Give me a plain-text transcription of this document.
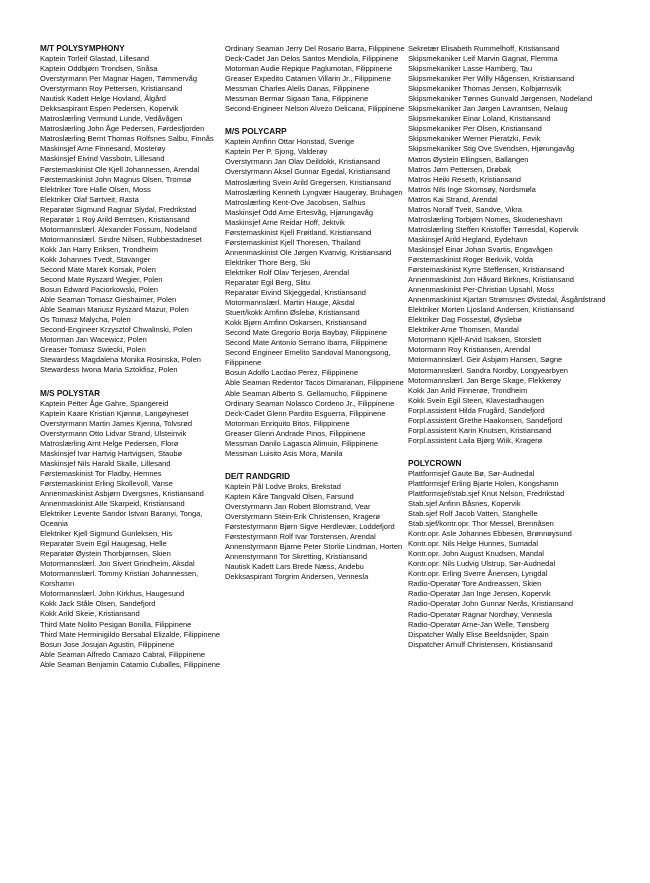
M/T POLYSYMPHONY
Kaptein Torleif Glastad, Lillesand
Kaptein Oddbjørn Trondsen, Snåsa
Overstyrmann Per Magnar Hagen, Tømmervåg
Overstyrmann Roy Pettersen, Kristiansand
Nautisk Kadett Helge Hovland, Ålgård
Dekksaspirant Espen Pedersen, Kopervik
Matroslærling Vermund Lunde, Vedåvågen
Matroslærling John Åge Pedersen, Førdesfjorden
Matroslærling Bernt Thomas Rolfsnes Salbu, Finnås
Maskinsjef Arne Finnesand, Mosterøy
Maskinsjef Eivind Vassbotn, Lillesand
Førstemaskinist Ole Kjell Johannessen, Arendal
Førstemaskinist John Magnus Olsen, Tromsø
Elektriker Tore Halle Olsen, Moss
Elektriker Olaf Sørtveit, Rasta
Reparatør Sigmund Ragnar Slydal, Fredrikstad
Reparatør 1 Roy Arild Berntsen, Kristiansand
Motormannslærl. Alexander Fossum, Nodeland
Motormannslærl. Sindre Nilsen, Rubbestadneset
Kokk Jan Harry Eriksen, Trondheim
Kokk Johannes Tvedt, Stavanger
Second Mate Marek Korsak, Polen
Second Mate Ryszard Wegier, Polen
Bosun Edward Paciorkowski, Polen
Able Seaman Tomasz Gieshaimer, Polen
Able Seaman Mariusz Ryszard Mazur, Polen
Os Tomasz Malycha, Polen
Second-Engineer Krzysztof Chwalinski, Polen
Motorman Jan Wacewicz, Polen
Greaser Tomasz Swiecki, Polen
Stewardess Magdalena Monika Rosinska, Polen
Stewardess Iwona Maria Sztokfisz, Polen
M/S POLYSTAR
Kaptein Petter Åge Gahre, Spangereid
Kaptein Kaare Kristian Kjønnø, Langøyneset
Overstyrmann Martin James Kjenna, Tolvsrød
Overstyrmann Otto Lidvar Strand, Ulsteinvik
Matroslærling Arnt Helge Pedersen, Florø
Maskinsjef Ivar Hartvig Hartvigsen, Staubø
Maskinsjef Nils Harald Skalle, Lillesand
Førstemaskinist Tor Fladby, Hemnes
Førstemaskinist Erling Skollevoll, Vanse
Annenmaskinist Asbjørn Dvergsnes, Kristiansand
Annenmaskinist Atle Skarpeid, Kristiansand
Elektriker Levente Sandor Istvan Baranyi, Tonga, Oceania
Elektriker Kjell Sigmund Gunleksen, His
Reparatør Svein Egil Haugesag, Helle
Reparatør Øystein Thorbjørnsen, Skien
Motormannslærl. Jon Sivert Grindheim, Aksdal
Motormannslærl. Tommy Kristian Johannessen, Korshamn
Motormannslærl. John Kirkhus, Haugesund
Kokk Jack Ståle Olsen, Sandefjord
Kokk Arild Skeie, Kristiansand
Third Mate Nolito Pesigan Bonilla, Filippinene
Third Mate Herminigildo Bersabal Elizalde, Filippinene
Bosun Jose Josujan Agustin, Filippinene
Able Seaman Alfredo Camazo Cabral, Filippinene
Able Seaman Benjamin Catamio Cuballes, Filippinene
Ordinary Seaman Jerry Del Rosario Barra, Filippinene
Deck-Cadet Jan Delos Santos Mendiola, Filippinene
Motorman Audie Repique Paglumotan, Filippinene
Greaser Expedito Catamen Villarin Jr., Filippinene
Messman Charles Alelis Danas, Filippinene
Messman Bermar Sigaan Tana, Filippinene
Second-Engineer Nelson Alvezo Delicana, Filippinene
M/S POLYCARP
Kaptein Arnfinn Ottar Honstad, Sverige
Kaptein Per P. Sjong, Valderøy
Overstyrmann Jan Olav Deildokk, Kristiansand
Overstyrmann Aksel Gunnar Egedal, Kristiansand
Matroslærling Svein Arild Gregersen, Kristiansand
Matroslærling Kenneth Lyngvær Haugerøy, Bruhagen
Matroslærling Kent-Ove Jacobsen, Salhus
Maskinsjef Odd Arne Ertesvåg, Hjørungavåg
Maskinsjef Arne Reidar Hoff, Jektvik
Førstemaskinist Kjell Frøitland, Kristiansand
Førstemaskinist Kjell Thoresen, Thailand
Annenmaskinist Ole Jørgen Kvanvig, Kristiansand
Elektriker Thore Berg, Ski
Elektriker Rolf Olav Terjesen, Arendal
Reparatør Egil Berg, Slitu
Reparatør Eivind Skjeggedal, Kristiansand
Motormannslærl. Martin Hauge, Aksdal
Stuert/kokk Arnfinn Øslebø, Kristiansand
Kokk Bjørn Arnfinn Oskarsen, Kristiansand
Second Mate Gregorio Borja Baybay, Filippinene
Second Mate Antonio Serrano Ibarra, Filippinene
Second Engineer Emelito Sandoval Manongsong, Filippinene
Bosun Adolfo Lacdao Perez, Filippinene
Able Seaman Redentor Tacos Dimaranan, Filippinene
Able Seaman Alberto S. Gellamucho, Filippinene
Ordinary Seaman Nolasco Cordeno Jr., Filippinene
Deck-Cadet Glenn Pardito Esguerra, Filippinene
Motorman Enriquito Bitos, Filippinene
Greaser Glenn Andrade Pinos, Filippinene
Messman Danilo Lagasca Alimuin, Filippinene
Messman Luisito Asis Mora, Manila
DE/T RANDGRID
Kaptein Pål Lodve Broks, Brekstad
Kaptein Kåre Tangvald Olsen, Farsund
Overstyrmann Jan Robert Blomstrand, Vear
Overstyrmann Stein-Erik Christensen, Kragerø
Førstestyrmann Bjørn Sigve Herdlevær, Loddefjord
Førstestyrmann Rolf Ivar Torstensen, Arendal
Annenstyrmann Bjarne Peter Storlie Lindman, Horten
Annenstyrmann Tor Skretting, Kristiansand
Nautisk Kadett Lars Brede Næss, Andebu
Dekksaspirant Torgrim Andersen, Vennesla
Sekretær Elisabeth Rummelhoff, Kristiansand
Skipsmekaniker Leif Marvin Gagnat, Flemma
Skipsmekaniker Lasse Hamberg, Tau
Skipsmekaniker Per Willy Hågensen, Kristiansand
Skipsmekaniker Thomas Jensen, Kolbjørnsvik
Skipsmekaniker Tønnes Gunvald Jørgensen, Nodeland
Skipsmekaniker Jan Jørgen Lavrantsen, Nelaug
Skipsmekaniker Einar Loland, Kristiansand
Skipsmekaniker Per Olsen, Kristiansand
Skipsmekaniker Werner Pieratzki, Fevik
Skipsmekaniker Stig Ove Svendsen, Hjørungavåg
Matros Øystein Ellingsen, Ballangen
Matros Jørn Pettersen, Drøbak
Matros Heiki Reseth, Kristiansand
Matros Nils Inge Skomsøy, Nordsmøla
Matros Kai Strand, Arendal
Matros Noralf Tveit, Sandve, Vikra
Matroslærling Torbjørn Nomes, Skudeneshavn
Matroslærling Steffen Kristoffer Tørresdal, Kopervik
Maskinsjef Arild Hegland, Eydehavn
Maskinsjef Einar Johan Svartis, Engavågen
Førstemaskinist Roger Berkvik, Volda
Førstemaskinist Kyrre Steffensen, Kristiansand
Annenmaskinist Jon Håvard Birknes, Kristiansand
Annenmaskinist Per-Christian Upsahl, Moss
Annenmaskinist Kjartan Strømsnes Øvstedal, Åsgårdstrand
Elektriker Morten Ljosland Andersen, Kristiansand
Elektriker Dag Fossestøl, Øyslebø
Elektriker Arne Thomsen, Mandal
Motormann Kjell-Arvid Isaksen, Storslett
Motormann Roy Kristiansen, Arendal
Motormannslærl. Geir Asbjørn Hansen, Søgne
Motormannslærl. Sandra Nordby, Longyearbyen
Motormannslærl. Jan Berge Skage, Flekkerøy
Kokk Jan Arild Finnerøe, Trondheim
Kokk Svein Egil Steen, Klavestadhaugen
Forpl.assistent Hilda Frugård, Sandefjord
Forpl.assistent Grethe Haakonsen, Sandefjord
Forpl.assistent Karin Knutsen, Kristiansand
Forpl.assistent Laila Bjørg Wiik, Kragerø
POLYCROWN
Plattformsjef Gaute Bø, Sør-Audnedal
Plattformsjef Erling Bjarte Holen, Kongshamn
Plattformsjef/stab.sjef Knut Nelson, Fredrikstad
Stab.sjef Anfinn Båsnes, Kopervik
Stab.sjef Rolf Jacob Vatten, Stanghelle
Stab.sjef/kontr.opr. Thor Messel, Brennåsen
Kontr.opr. Asle Johannes Ebbesen, Brønnøysund
Kontr.opr. Nils Helge Hunnes, Sumadal
Kontr.opr. John August Knudsen, Mandal
Kontr.opr. Nils Ludvig Ulstrup, Sør-Audnedal
Kontr.opr. Erling Sverre Ånensen, Lyngdal
Radio-Operatør Tore Andreassen, Skien
Radio-Operatør Jan Inge Jensen, Kopervik
Radio-Operatør John Gunnar Nerås, Kristiansand
Radio-Operatør Ragnar Nordhøy, Vennesla
Radio-Operatør Arne-Jan Welle, Tønsberg
Dispatcher Wally Elise Beeldsnijder, Spain
Dispatcher Arnulf Christensen, Kristiansand
